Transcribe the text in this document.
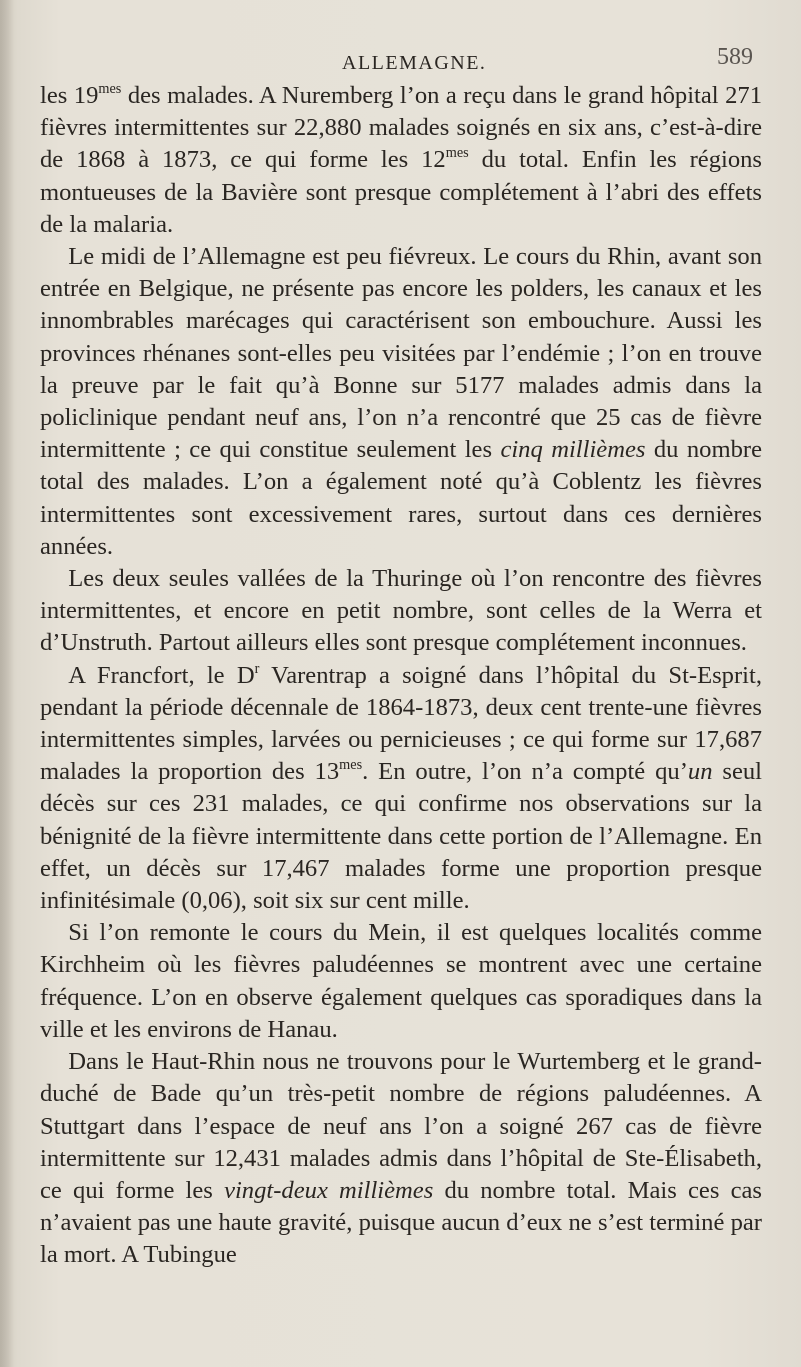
ALLEMAGNE.	589

les $19^{mes}$ des malades. A Nuremberg l’on a reçu dans le grand hôpital 271 fièvres intermittentes sur 22,880 malades soignés en six ans, c’est-à-dire de 1868 à 1873, ce qui forme les $12^{mes}$ du total. Enfin les régions montueuses de la Bavière sont presque complétement à l’abri des effets de la malaria.

Le midi de l’Allemagne est peu fiévreux. Le cours du Rhin, avant son entrée en Belgique, ne présente pas encore les polders, les canaux et les innombrables marécages qui caractérisent son embouchure. Aussi les provinces rhénanes sont-elles peu visitées par l’endémie ; l’on en trouve la preuve par le fait qu’à Bonne sur 5177 malades admis dans la policlinique pendant neuf ans, l’on n’a rencontré que 25 cas de fièvre intermittente ; ce qui constitue seulement les cinq millièmes du nombre total des malades. L’on a également noté qu’à Coblentz les fièvres intermittentes sont excessivement rares, surtout dans ces dernières années.

Les deux seules vallées de la Thuringe où l’on rencontre des fièvres intermittentes, et encore en petit nombre, sont celles de la Werra et d’Unstruth. Partout ailleurs elles sont presque complétement inconnues.

A Francfort, le $D^r$ Varentrap a soigné dans l’hôpital du St-Esprit, pendant la période décennale de 1864-1873, deux cent trente-une fièvres intermittentes simples, larvées ou pernicieuses ; ce qui forme sur 17,687 malades la proportion des $13^{mes}$. En outre, l’on n’a compté qu’un seul décès sur ces 231 malades, ce qui confirme nos observations sur la bénignité de la fièvre intermittente dans cette portion de l’Allemagne. En effet, un décès sur 17,467 malades forme une proportion presque infinitésimale (0,06), soit six sur cent mille.

Si l’on remonte le cours du Mein, il est quelques localités comme Kirchheim où les fièvres paludéennes se montrent avec une certaine fréquence. L’on en observe également quelques cas sporadiques dans la ville et les environs de Hanau.

Dans le Haut-Rhin nous ne trouvons pour le Wurtemberg et le grand-duché de Bade qu’un très-petit nombre de régions paludéennes. A Stuttgart dans l’espace de neuf ans l’on a soigné 267 cas de fièvre intermittente sur 12,431 malades admis dans l’hôpital de Ste-Élisabeth, ce qui forme les vingt-deux millièmes du nombre total. Mais ces cas n’avaient pas une haute gravité, puisque aucun d’eux ne s’est terminé par la mort. A Tubingue
